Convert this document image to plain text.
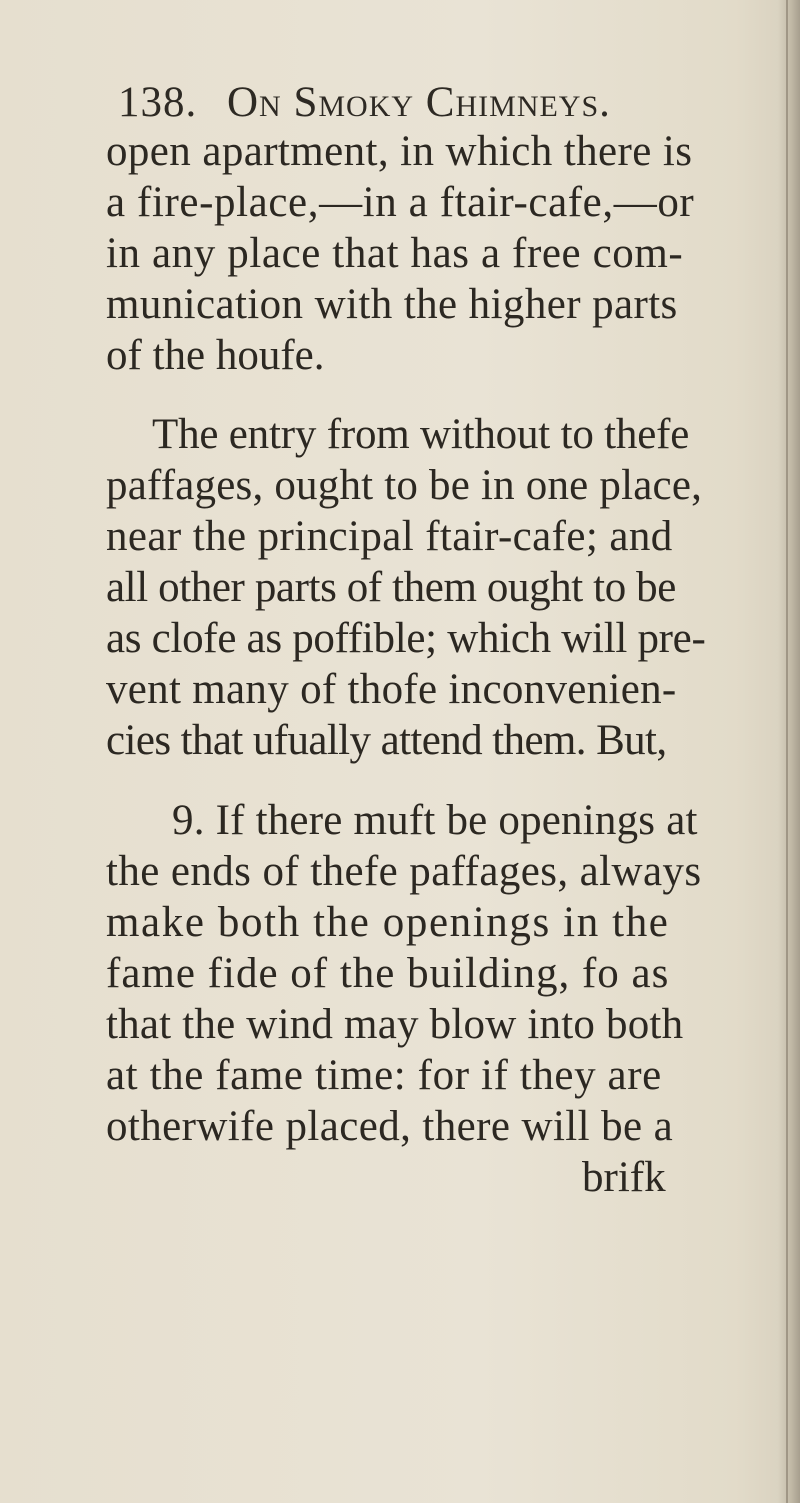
138. On Smoky Chimneys.
open apartment, in which there is
a fire-place,—in a ftair-cafe,—or
in any place that has a free com-
munication with the higher parts
of the houfe.
The entry from without to thefe
paffages, ought to be in one place,
near the principal ftair-cafe; and
all other parts of them ought to be
as clofe as poffible; which will pre-
vent many of thofe inconvenien-
cies that ufually attend them. But,
9. If there muft be openings at
the ends of thefe paffages, always
make both the openings in the
fame fide of the building, fo as
that the wind may blow into both
at the fame time: for if they are
otherwife placed, there will be a
brifk
